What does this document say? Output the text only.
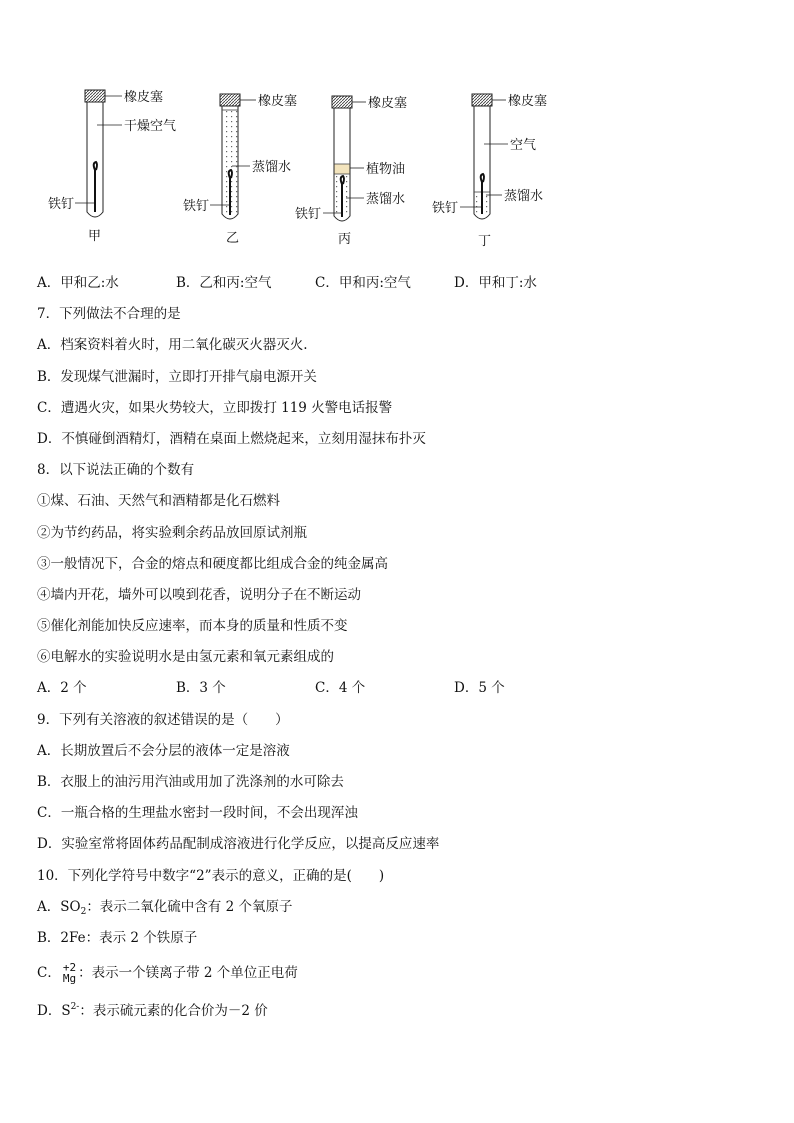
橡皮塞
干燥空气
铁钉
甲
橡皮塞
蒸馏水
铁钉
乙
橡皮塞
植物油
蒸馏水
铁钉
丙
橡皮塞
空气
蒸馏水
铁钉
丁
A．甲和乙:水	B．乙和丙:空气	C．甲和丙:空气	D．甲和丁:水
7．下列做法不合理的是
A．档案资料着火时，用二氧化碳灭火器灭火.
B．发现煤气泄漏时，立即打开排气扇电源开关
C．遭遇火灾，如果火势较大，立即拨打 119 火警电话报警
D．不慎碰倒酒精灯，酒精在桌面上燃烧起来，立刻用湿抹布扑灭
8．以下说法正确的个数有
①煤、石油、天然气和酒精都是化石燃料
②为节约药品，将实验剩余药品放回原试剂瓶
③一般情况下，合金的熔点和硬度都比组成合金的纯金属高
④墙内开花，墙外可以嗅到花香，说明分子在不断运动
⑤催化剂能加快反应速率，而本身的质量和性质不变
⑥电解水的实验说明水是由氢元素和氧元素组成的
A．2 个	B．3 个	C．4 个	D．5 个
9．下列有关溶液的叙述错误的是（　　）
A．长期放置后不会分层的液体一定是溶液
B．衣服上的油污用汽油或用加了洗涤剂的水可除去
C．一瓶合格的生理盐水密封一段时间，不会出现浑浊
D．实验室常将固体药品配制成溶液进行化学反应，以提高反应速率
10．下列化学符号中数字“2”表示的意义，正确的是(　　)
A．$SO_2$：表示二氧化硫中含有 2 个氧原子
B．2Fe：表示 2 个铁原子
C． +2
Mg ：表示一个镁离子带 2 个单位正电荷
D．$S^{2-}$：表示硫元素的化合价为－2 价
